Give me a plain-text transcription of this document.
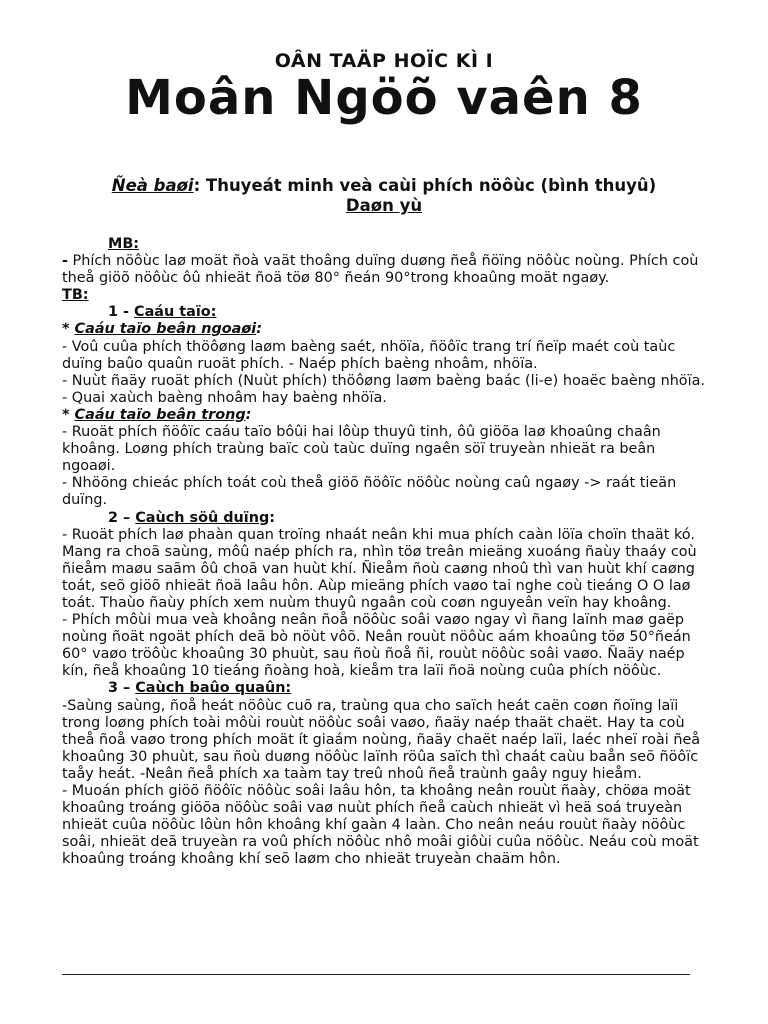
OÂN TAÄP HOÏC KÌ I
Moân Ngöõ vaên 8
Ñeà baøi: Thuyeát minh veà caùi phích nöôùc (bình thuyû)
Daøn yù

MB:

- Phích nöôùc laø moät ñoà vaät thoâng duïng duøng ñeå ñöïng nöôùc noùng. Phích coù theå giöõ nöôùc ôû nhieät ñoä töø 80° ñeán 90°trong khoaûng moät ngaøy.

TB:

1 - Caáu taïo:

* Caáu taïo beân ngoaøi:

- Voû cuûa phích thöôøng laøm baèng saét, nhöïa, ñöôïc trang trí ñeïp maét coù taùc duïng baûo quaûn ruoät phích. - Naép phích baèng nhoâm, nhöïa.

- Nuùt ñaäy ruoät phích (Nuùt phích) thöôøng laøm baèng baác (li-e) hoaëc baèng nhöïa.

- Quai xaùch baèng nhoâm hay baèng nhöïa.

* Caáu taïo beân trong:

- Ruoät phích ñöôïc caáu taïo bôûi hai lôùp thuyû tinh, ôû giöõa laø khoaûng chaân khoâng. Loøng phích traùng baïc coù taùc duïng ngaên söï truyeàn nhieät ra beân ngoaøi.

- Nhöõng chieác phích toát coù theå giöõ ñöôïc nöôùc noùng caû ngaøy -> raát tieän duïng.

2 – Caùch söû duïng:

- Ruoät phích laø phaàn quan troïng nhaát neân khi mua phích caàn löïa choïn thaät kó. Mang ra choã saùng, môû naép phích ra, nhìn töø treân mieäng xuoáng ñaùy thaáy coù ñieåm maøu saãm ôû choã van huùt khí. Ñieåm ñoù caøng nhoû thì van huùt khí caøng toát, seõ giöõ nhieät ñoä laâu hôn. Aùp mieäng phích vaøo tai nghe coù tieáng O O laø toát. Thaùo ñaùy phích xem nuùm thuyû ngaân coù coøn nguyeân veïn hay khoâng.

- Phích môùi mua veà khoâng neân ñoå nöôùc soâi vaøo ngay vì ñang laïnh maø gaëp noùng ñoät ngoät phích deã bò nöùt vôõ. Neân rouùt nöôùc aám khoaûng töø 50°ñeán 60° vaøo tröôùc khoaûng 30 phuùt, sau ñoù ñoå ñi, rouùt nöôùc soâi vaøo. Ñaäy naép kín, ñeå khoaûng 10 tieáng ñoàng hoà, kieåm tra laïi ñoä noùng cuûa phích nöôùc.

3 – Caùch baûo quaûn:

-Saùng saùng, ñoå heát nöôùc cuõ ra, traùng qua cho saïch heát caën coøn ñoïng laïi trong loøng phích toài môùi rouùt nöôùc soâi vaøo, ñaäy naép thaät chaët. Hay ta coù theå ñoå vaøo trong phích moät ít giaám noùng, ñaäy chaët naép laïi, laéc nheï roài ñeå khoaûng 30 phuùt, sau ñoù duøng nöôùc laïnh röûa saïch thì chaát caùu baån seõ ñöôïc taåy heát. -Neân ñeå phích xa taàm tay treû nhoû ñeå traùnh gaây nguy hieåm.

- Muoán phích giöõ ñöôïc nöôùc soâi laâu hôn, ta khoâng neân rouùt ñaày, chöøa moät khoaûng troáng giöõa nöôùc soâi vaø nuùt phích ñeå caùch nhieät vì heä soá truyeàn nhieät cuûa nöôùc lôùn hôn khoâng khí gaàn 4 laàn. Cho neân neáu rouùt ñaày nöôùc soâi, nhieät deã truyeàn ra voû phích nöôùc nhô moâi giôùi cuûa nöôùc. Neáu coù moät khoaûng troáng khoâng khí seõ laøm cho nhieät truyeàn chaäm hôn.
